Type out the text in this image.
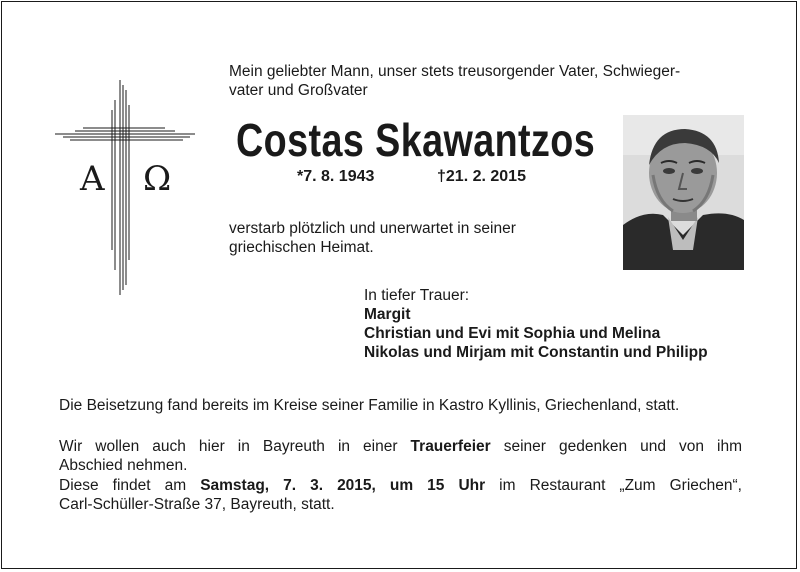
A Ω
Mein geliebter Mann, unser stets treusorgender Vater, Schwieger-
vater und Großvater
Costas Skawantzos
*7. 8. 1943	†21. 2. 2015
verstarb plötzlich und unerwartet in seiner
griechischen Heimat.
In tiefer Trauer:
Margit
Christian und Evi mit Sophia und Melina
Nikolas und Mirjam mit Constantin und Philipp
Die Beisetzung fand bereits im Kreise seiner Familie in Kastro Kyllinis, Griechenland, statt.
Wir wollen auch hier in Bayreuth in einer Trauerfeier seiner gedenken und von ihm
Abschied nehmen.
Diese findet am Samstag, 7. 3. 2015, um 15 Uhr im Restaurant „Zum Griechen“,
Carl-Schüller-Straße 37, Bayreuth, statt.
